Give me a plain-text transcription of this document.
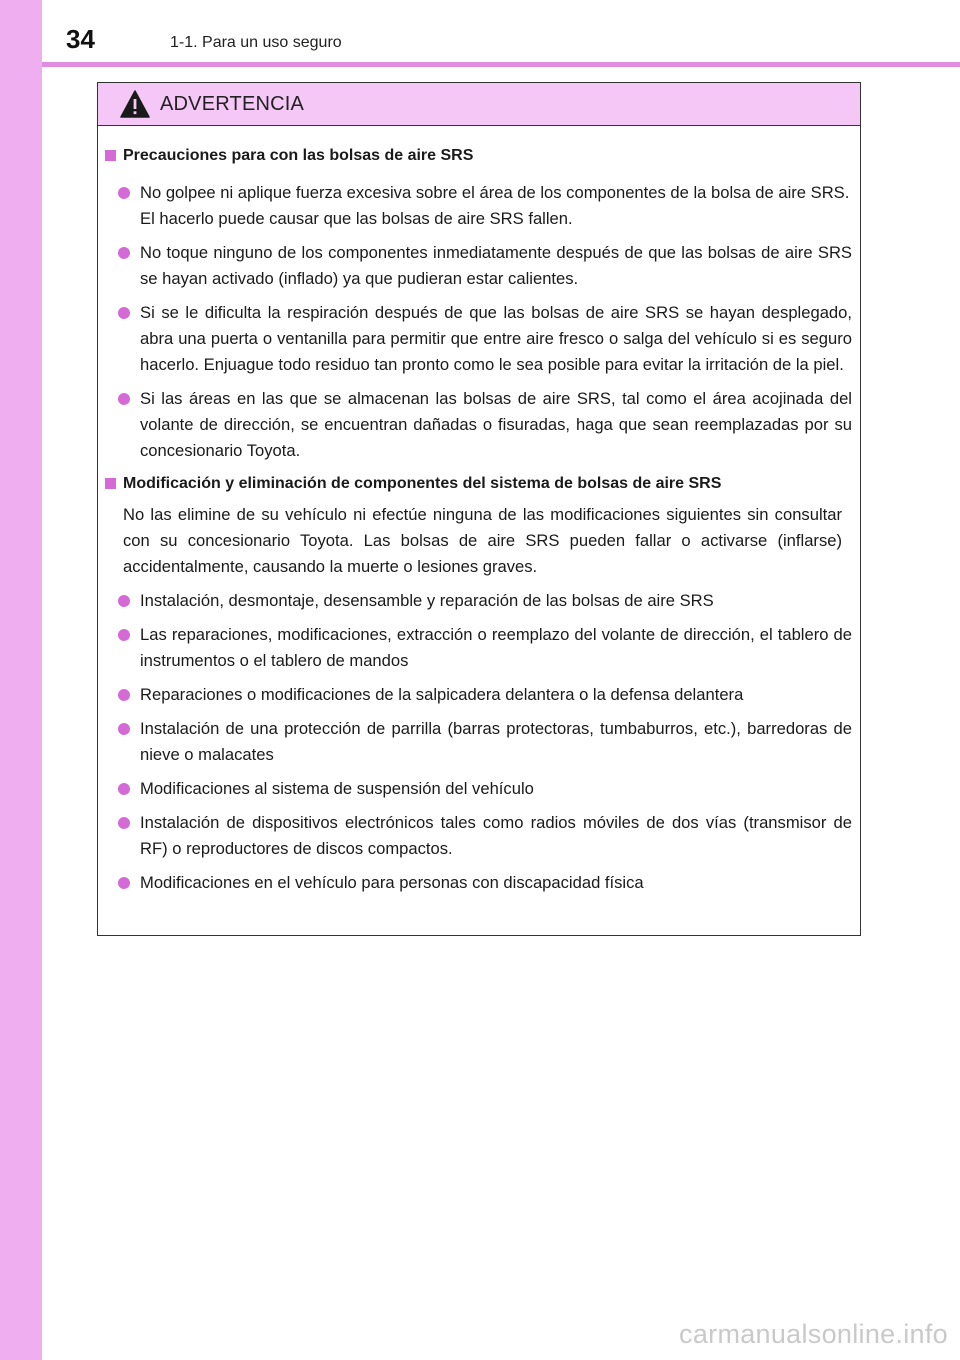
34	1-1. Para un uso seguro
ADVERTENCIA
Precauciones para con las bolsas de aire SRS
No golpee ni aplique fuerza excesiva sobre el área de los componentes de la bolsa de aire SRS.
El hacerlo puede causar que las bolsas de aire SRS fallen.
No toque ninguno de los componentes inmediatamente después de que las bolsas de aire SRS se hayan activado (inflado) ya que pudieran estar calientes.
Si se le dificulta la respiración después de que las bolsas de aire SRS se hayan desplegado, abra una puerta o ventanilla para permitir que entre aire fresco o salga del vehículo si es seguro hacerlo. Enjuague todo residuo tan pronto como le sea posible para evitar la irritación de la piel.
Si las áreas en las que se almacenan las bolsas de aire SRS, tal como el área acojinada del volante de dirección, se encuentran dañadas o fisuradas, haga que sean reemplazadas por su concesionario Toyota.
Modificación y eliminación de componentes del sistema de bolsas de aire SRS
No las elimine de su vehículo ni efectúe ninguna de las modificaciones siguientes sin consultar con su concesionario Toyota. Las bolsas de aire SRS pueden fallar o activarse (inflarse) accidentalmente, causando la muerte o lesiones graves.
Instalación, desmontaje, desensamble y reparación de las bolsas de aire SRS
Las reparaciones, modificaciones, extracción o reemplazo del volante de dirección, el tablero de instrumentos o el tablero de mandos
Reparaciones o modificaciones de la salpicadera delantera o la defensa delantera
Instalación de una protección de parrilla (barras protectoras, tumbaburros, etc.), barredoras de nieve o malacates
Modificaciones al sistema de suspensión del vehículo
Instalación de dispositivos electrónicos tales como radios móviles de dos vías (transmisor de RF) o reproductores de discos compactos.
Modificaciones en el vehículo para personas con discapacidad física
carmanualsonline.info
